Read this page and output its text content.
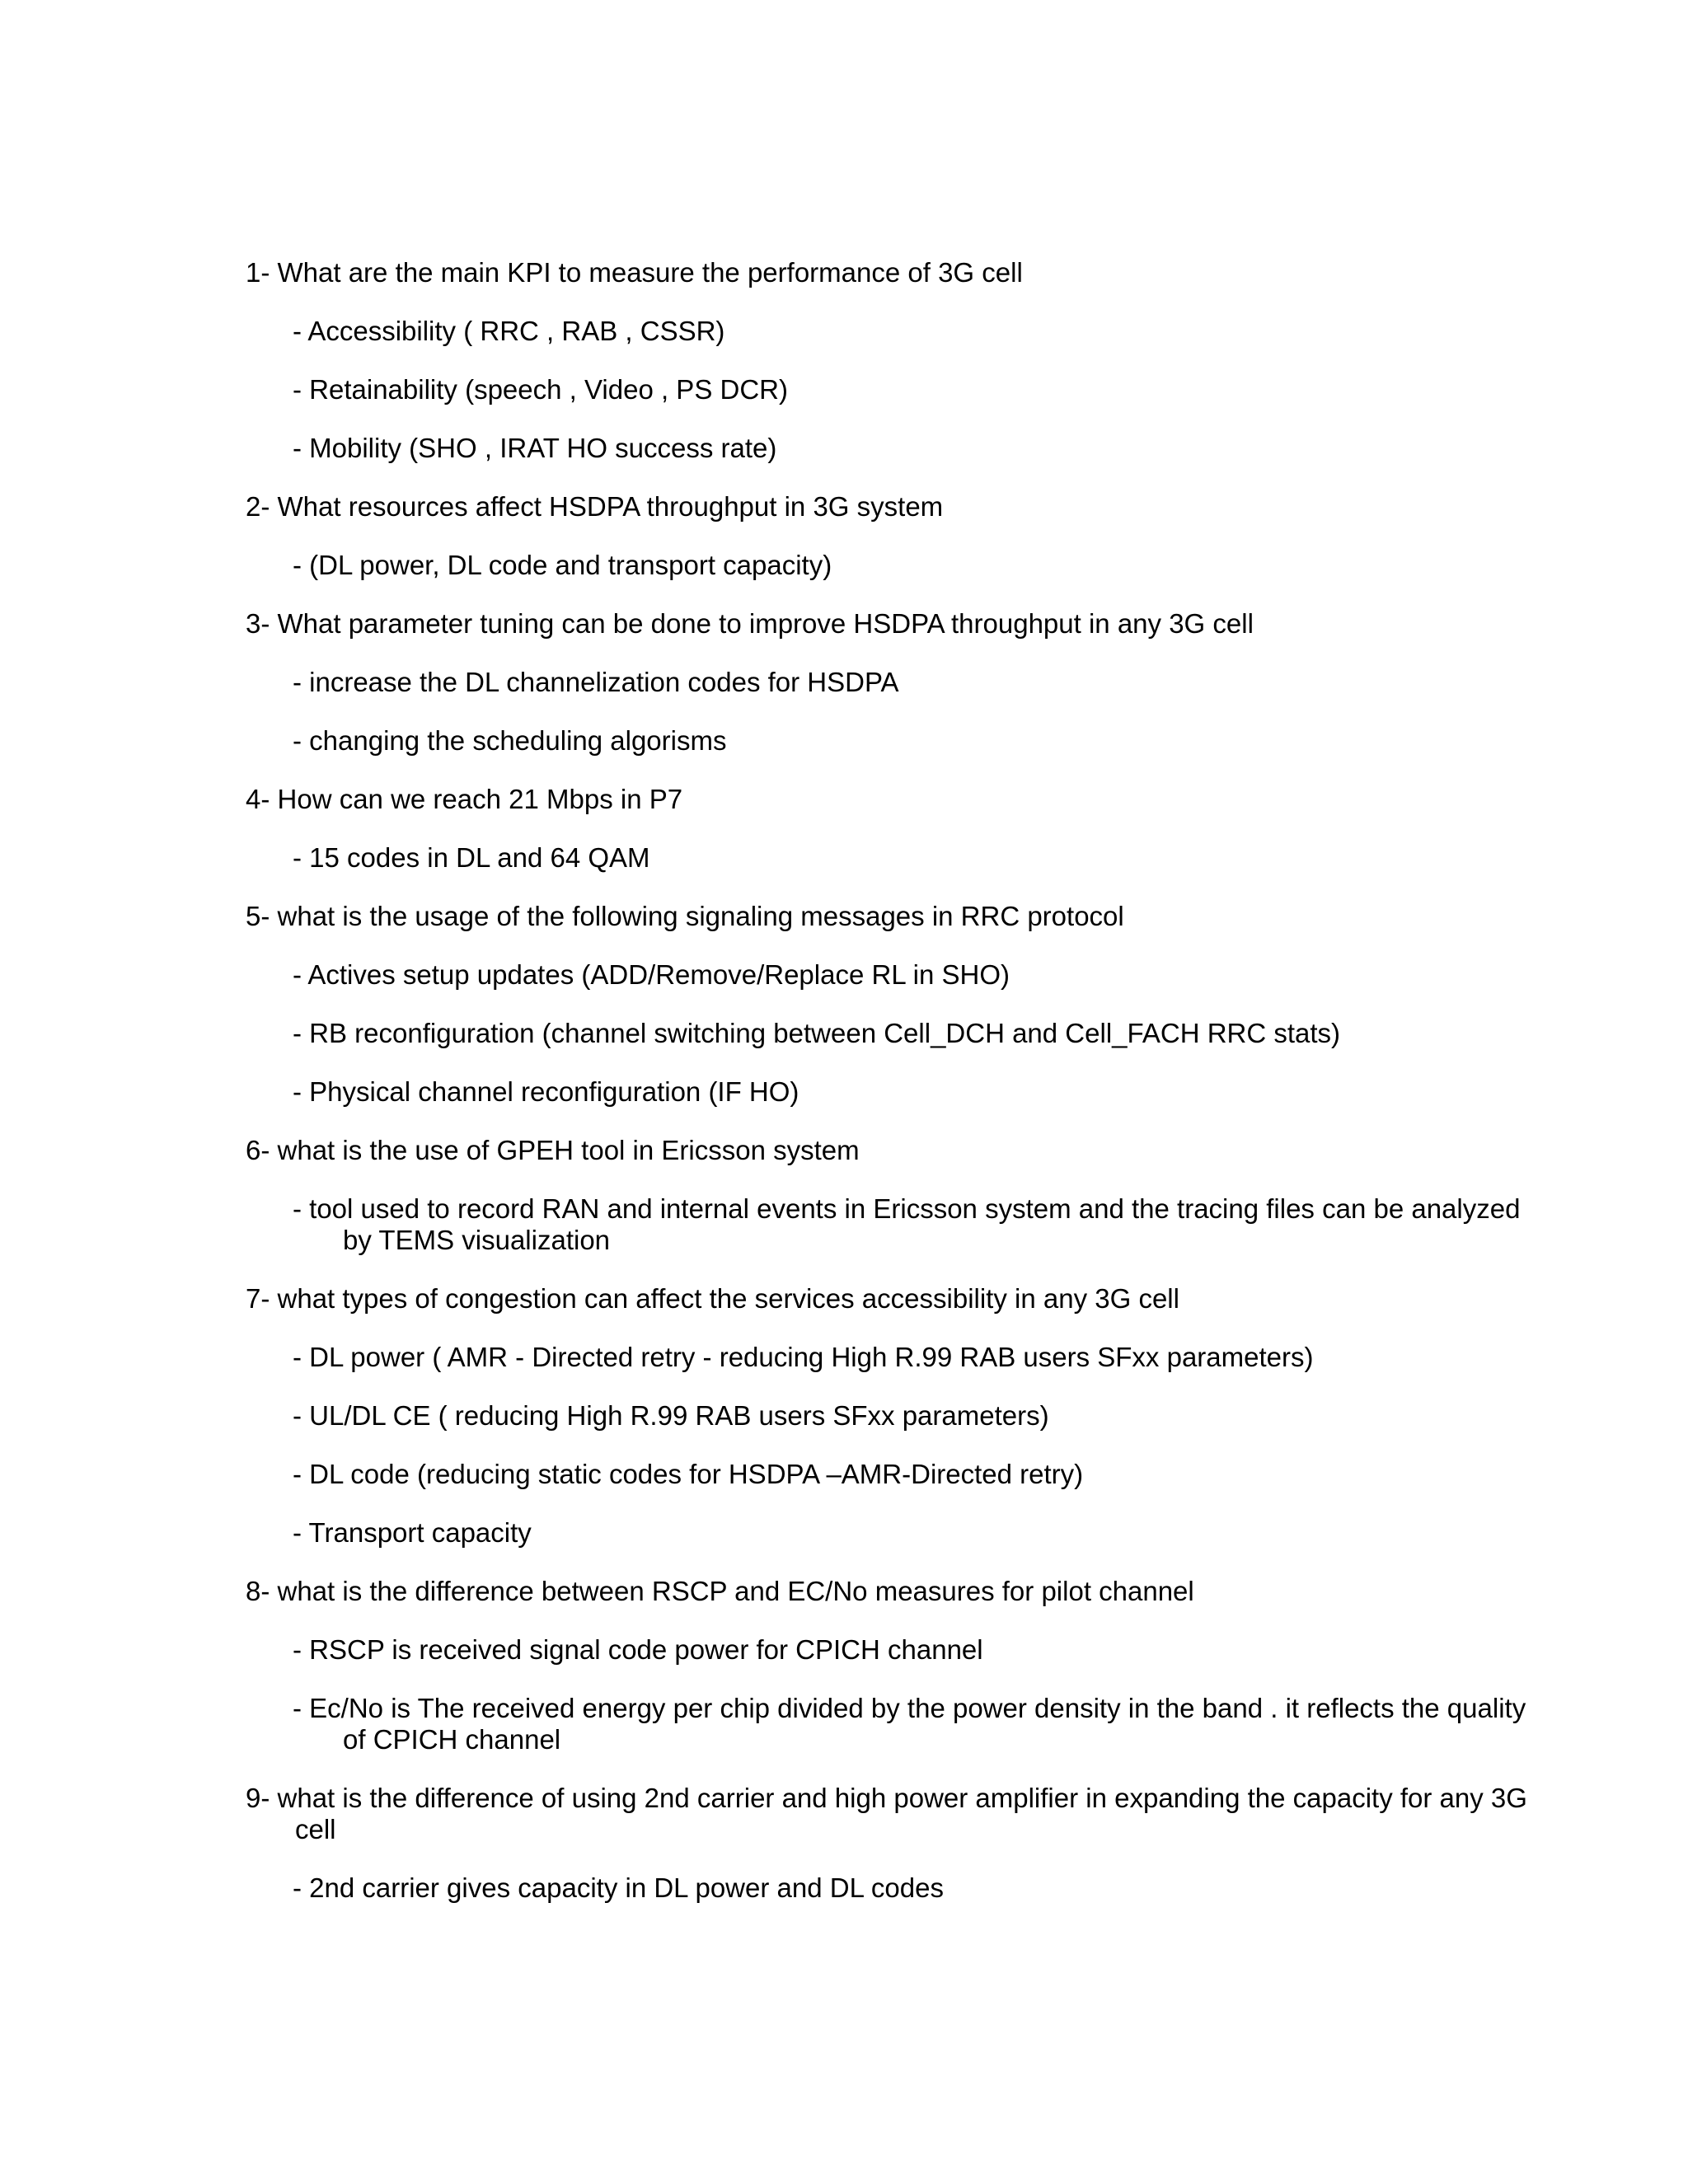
1- What are the main KPI to measure the performance of 3G cell
- Accessibility ( RRC , RAB , CSSR)
- Retainability (speech , Video , PS DCR)
- Mobility (SHO , IRAT HO success rate)
2- What resources affect HSDPA throughput in 3G system
- (DL power, DL code and transport capacity)
3- What parameter tuning can be done to improve HSDPA throughput in any 3G cell
- increase the DL channelization codes for HSDPA
- changing the scheduling algorisms
4- How can we reach 21 Mbps in P7
- 15 codes in DL and 64 QAM
5- what is the usage of the following signaling messages in RRC protocol
- Actives setup updates (ADD/Remove/Replace RL in SHO)
- RB reconfiguration (channel switching between Cell_DCH and Cell_FACH RRC stats)
- Physical channel reconfiguration (IF HO)
6- what is the use of GPEH tool in Ericsson system
- tool used to record RAN and internal events in Ericsson system and the tracing files can be analyzed by TEMS visualization
7- what types of congestion can affect the services accessibility in any 3G cell
- DL power ( AMR - Directed retry - reducing High R.99 RAB users SFxx parameters)
- UL/DL CE ( reducing High R.99 RAB users SFxx parameters)
- DL code (reducing static codes for HSDPA –AMR-Directed retry)
- Transport capacity
8- what is the difference between RSCP and EC/No measures for pilot channel
- RSCP is received signal code power for CPICH channel
- Ec/No is The received energy per chip divided by the power density in the band . it reflects the quality of CPICH channel
9- what is the difference of using 2nd carrier and high power amplifier in expanding the capacity for any 3G cell
- 2nd carrier gives capacity in DL power and DL codes
